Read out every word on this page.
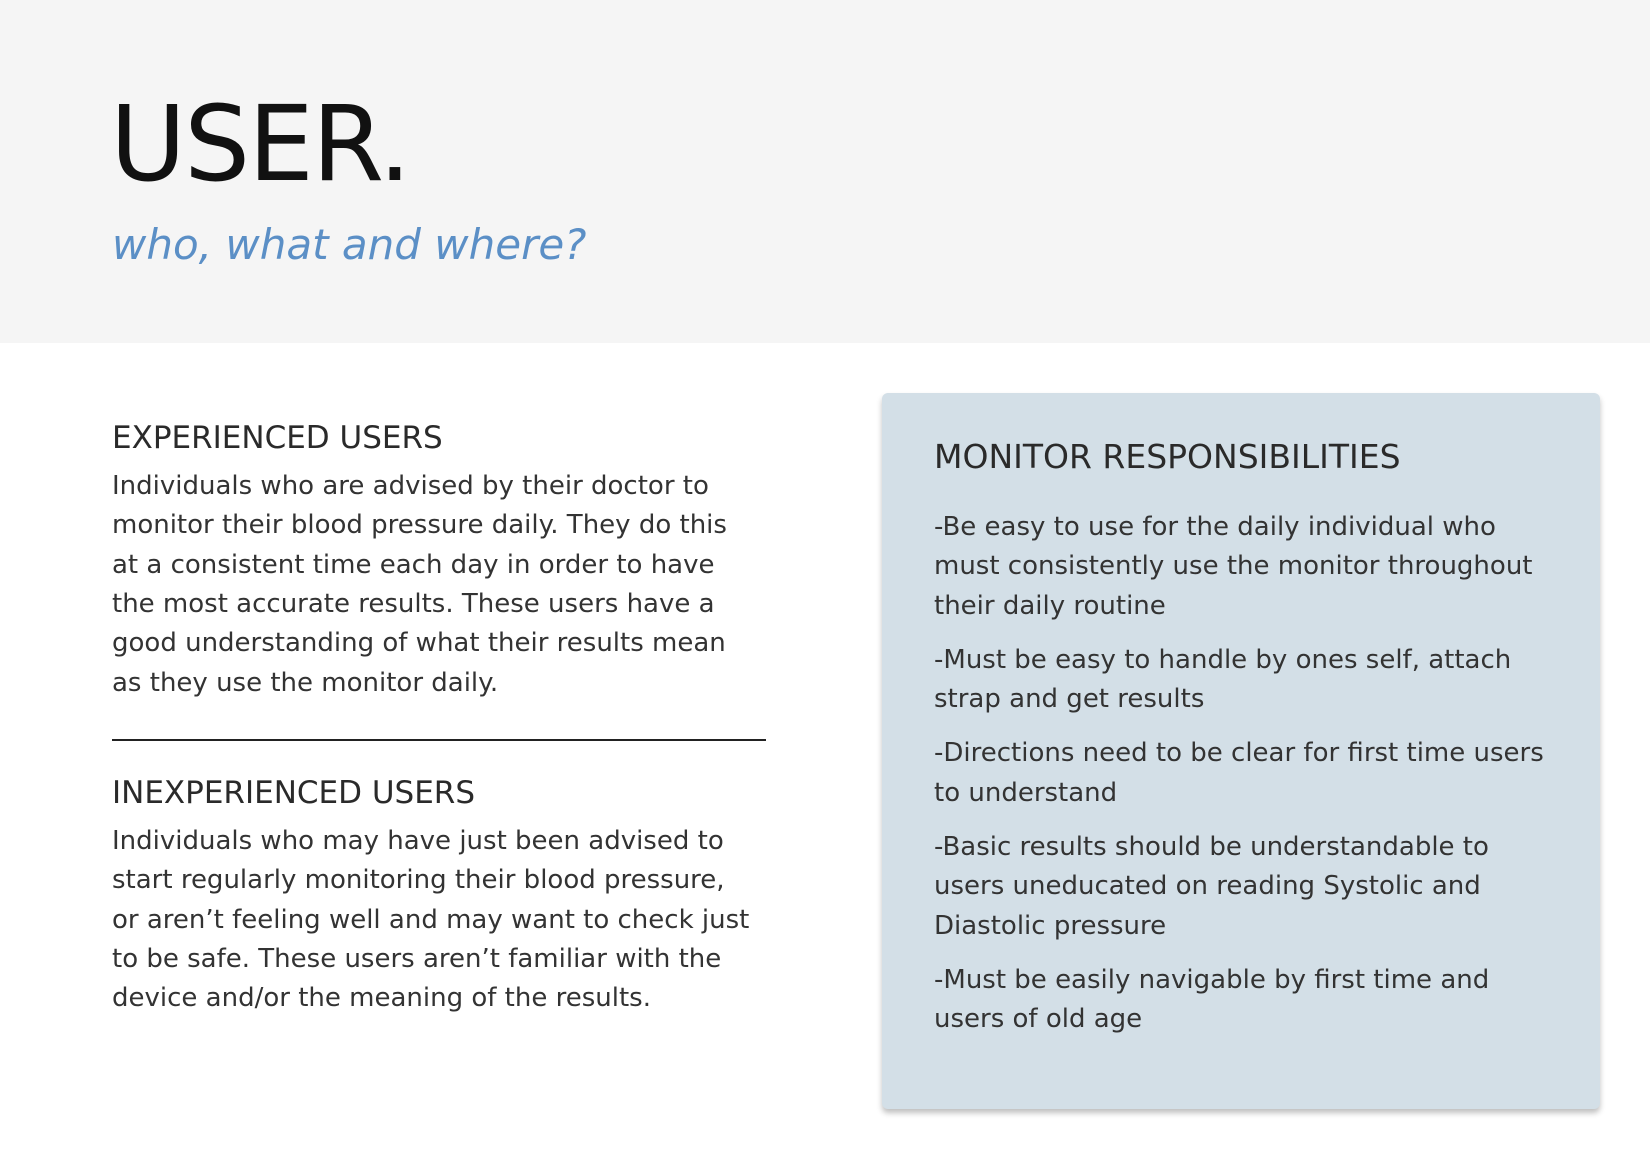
USER.

who, what and where?

EXPERIENCED USERS

Individuals who are advised by their doctor to monitor their blood pressure daily. They do this at a consistent time each day in order to have the most accurate results. These users have a good understanding of what their results mean as they use the monitor daily.

INEXPERIENCED USERS

Individuals who may have just been advised to start regularly monitoring their blood pressure, or aren’t feeling well and may want to check just to be safe. These users aren’t familiar with the device and/or the meaning of the results.

MONITOR RESPONSIBILITIES
-Be easy to use for the daily individual who must consistently use the monitor throughout their daily routine
-Must be easy to handle by ones self, attach strap and get results
-Directions need to be clear for first time users to understand
-Basic results should be understandable to users uneducated on reading Systolic and Diastolic pressure
-Must be easily navigable by first time and users of old age
